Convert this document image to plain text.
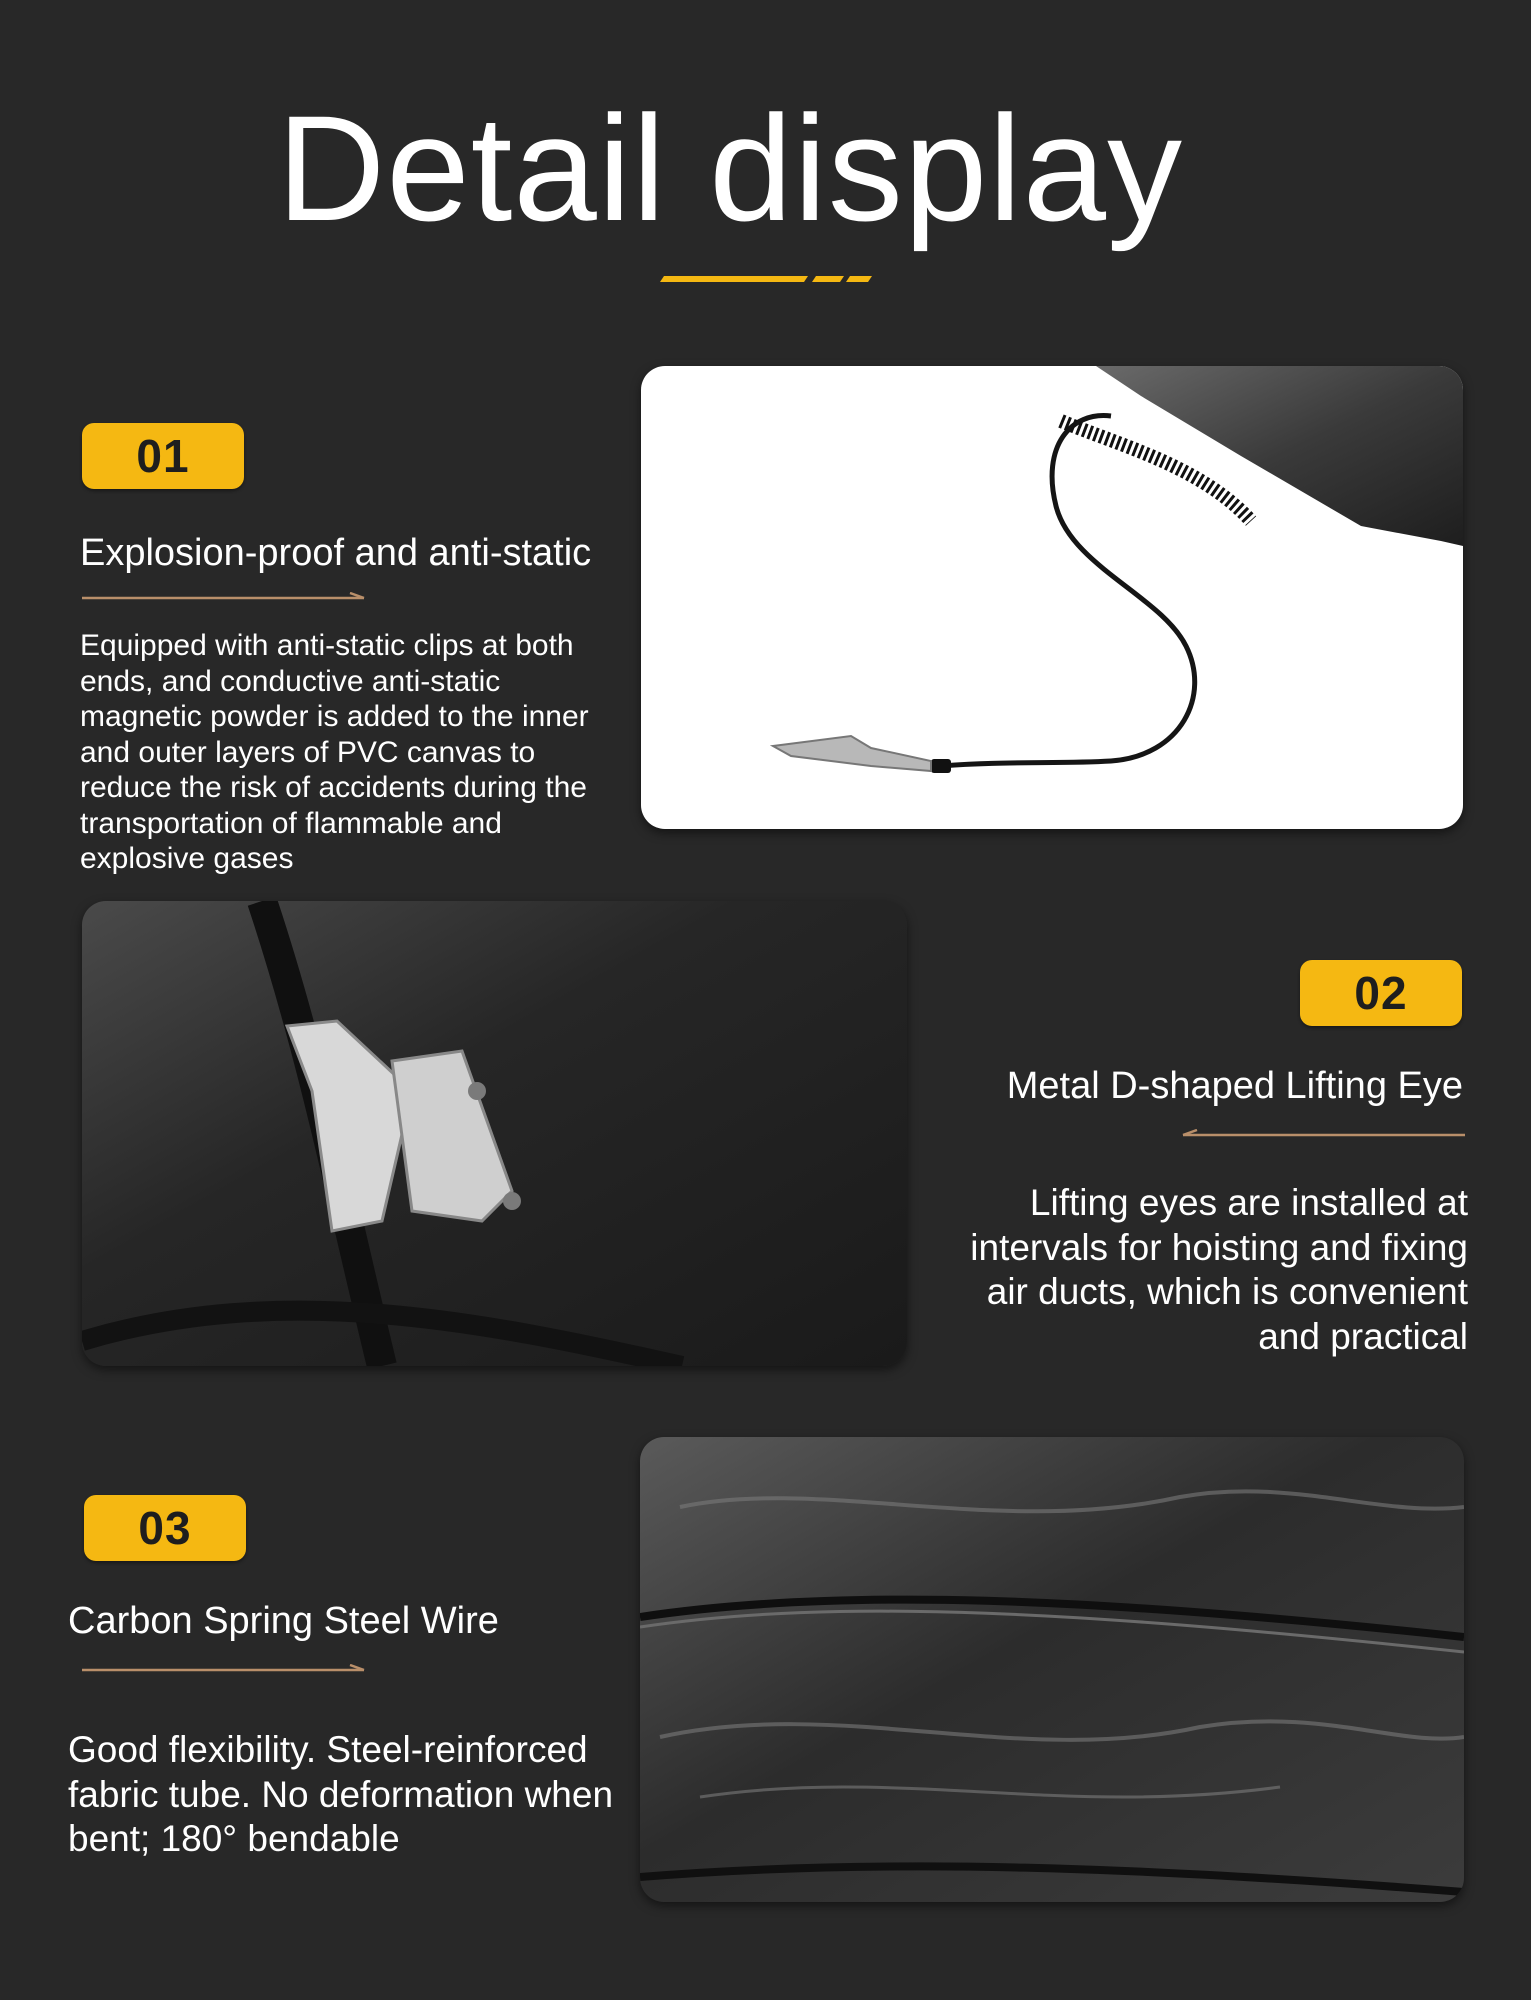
Detail display
01
Explosion-proof and anti-static
Equipped with anti-static clips at both ends, and conductive anti-static magnetic powder is added to the inner and outer layers of PVC canvas to reduce the risk of accidents during the transportation of flammable and explosive gases
02
Metal D-shaped Lifting Eye
Lifting eyes are installed at intervals for hoisting and fixing air ducts, which is convenient and practical
03
Carbon Spring Steel Wire
Good flexibility. Steel-reinforced fabric tube. No deformation when bent; 180° bendable
